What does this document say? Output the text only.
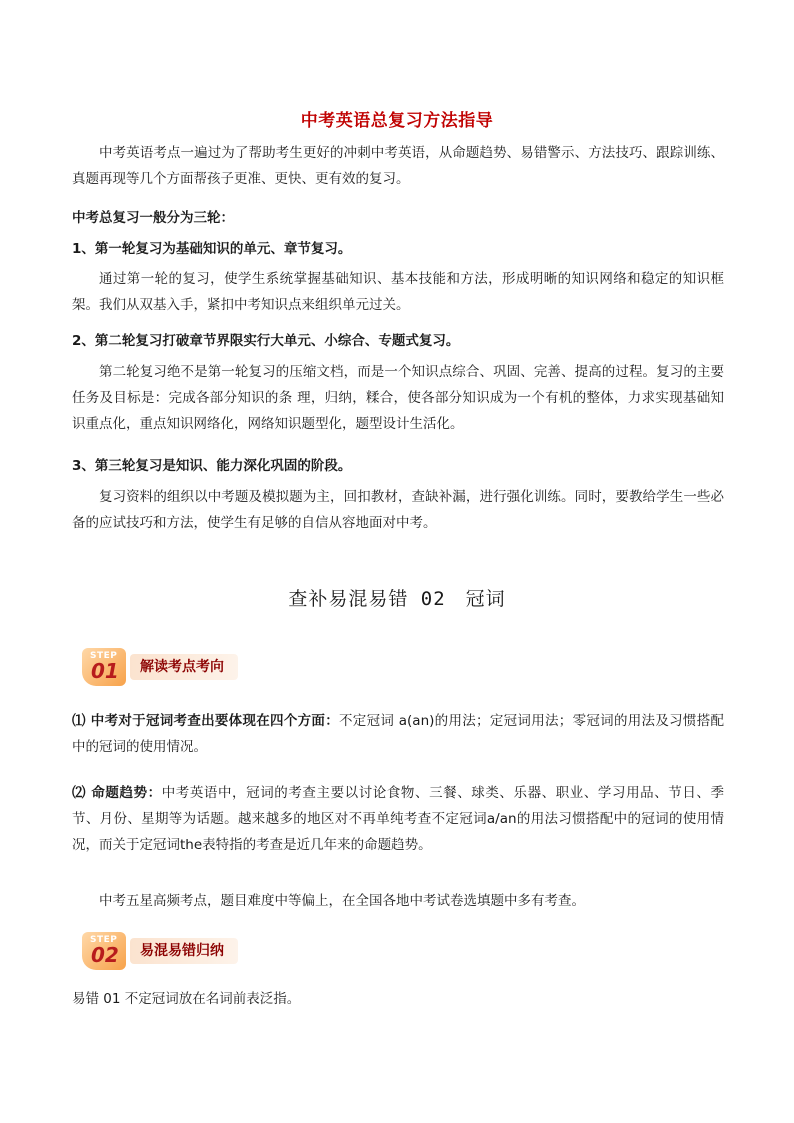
中考英语总复习方法指导

中考英语考点一遍过为了帮助考生更好的冲刺中考英语，从命题趋势、易错警示、方法技巧、跟踪训练、真题再现等几个方面帮孩子更准、更快、更有效的复习。

中考总复习一般分为三轮：

1、第一轮复习为基础知识的单元、章节复习。

通过第一轮的复习，使学生系统掌握基础知识、基本技能和方法，形成明晰的知识网络和稳定的知识框架。我们从双基入手，紧扣中考知识点来组织单元过关。

2、第二轮复习打破章节界限实行大单元、小综合、专题式复习。

第二轮复习绝不是第一轮复习的压缩文档，而是一个知识点综合、巩固、完善、提高的过程。复习的主要任务及目标是：完成各部分知识的条 理，归纳，糅合，使各部分知识成为一个有机的整体，力求实现基础知识重点化，重点知识网络化，网络知识题型化，题型设计生活化。

3、第三轮复习是知识、能力深化巩固的阶段。

复习资料的组织以中考题及模拟题为主，回扣教材，查缺补漏，进行强化训练。同时，要教给学生一些必备的应试技巧和方法，使学生有足够的自信从容地面对中考。

查补易混易错 02　冠词
STEP
01	解读考点考向

⑴ 中考对于冠词考查出要体现在四个方面：不定冠词 a(an)的用法；定冠词用法；零冠词的用法及习惯搭配中的冠词的使用情况。

⑵ 命题趋势：中考英语中，冠词的考查主要以讨论食物、三餐、球类、乐器、职业、学习用品、节日、季节、月份、星期等为话题。越来越多的地区对不再单纯考查不定冠词a/an的用法习惯搭配中的冠词的使用情况，而关于定冠词the表特指的考查是近几年来的命题趋势。

中考五星高频考点，题目难度中等偏上，在全国各地中考试卷选填题中多有考查。

STEP
02	易混易错归纳

易错 01 不定冠词放在名词前表泛指。
